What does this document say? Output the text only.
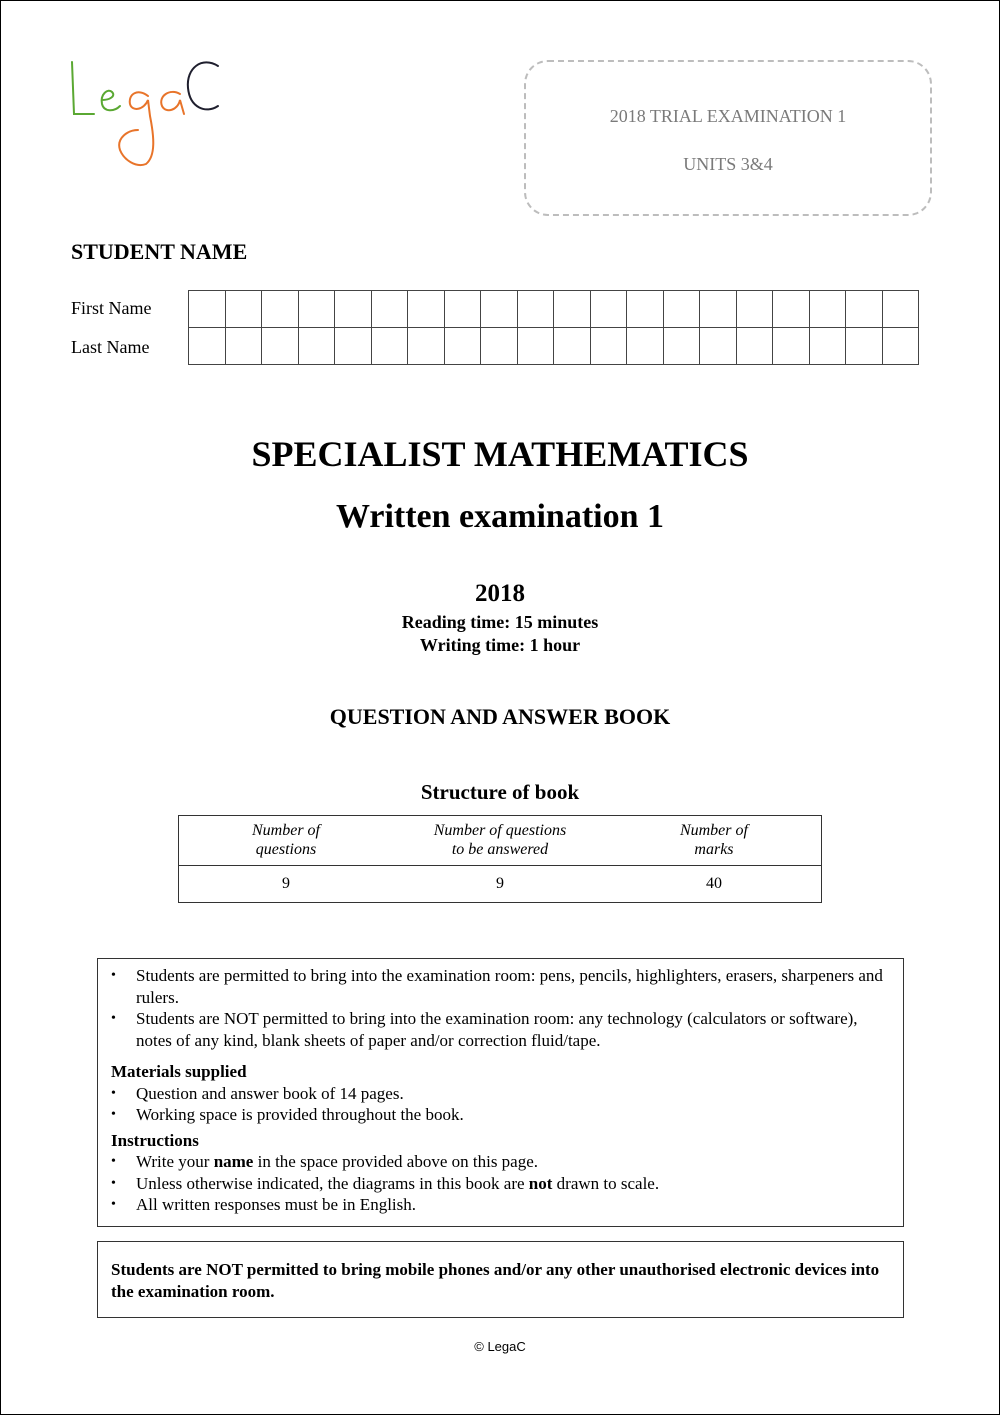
2018 TRIAL EXAMINATION 1
UNITS 3&4
STUDENT NAME
First Name
Last Name
SPECIALIST MATHEMATICS
Written examination 1
2018
Reading time: 15 minutes
Writing time: 1 hour
QUESTION AND ANSWER BOOK
Structure of book
Number of
questions
Number of questions
to be answered
Number of
marks
9	9	40
• Students are permitted to bring into the examination room: pens, pencils, highlighters, erasers, sharpeners and rulers.
• Students are NOT permitted to bring into the examination room: any technology (calculators or software), notes of any kind, blank sheets of paper and/or correction fluid/tape.
Materials supplied
• Question and answer book of 14 pages.
• Working space is provided throughout the book.
Instructions
• Write your name in the space provided above on this page.
• Unless otherwise indicated, the diagrams in this book are not drawn to scale.
• All written responses must be in English.
Students are NOT permitted to bring mobile phones and/or any other unauthorised electronic devices into the examination room.
© LegaC
